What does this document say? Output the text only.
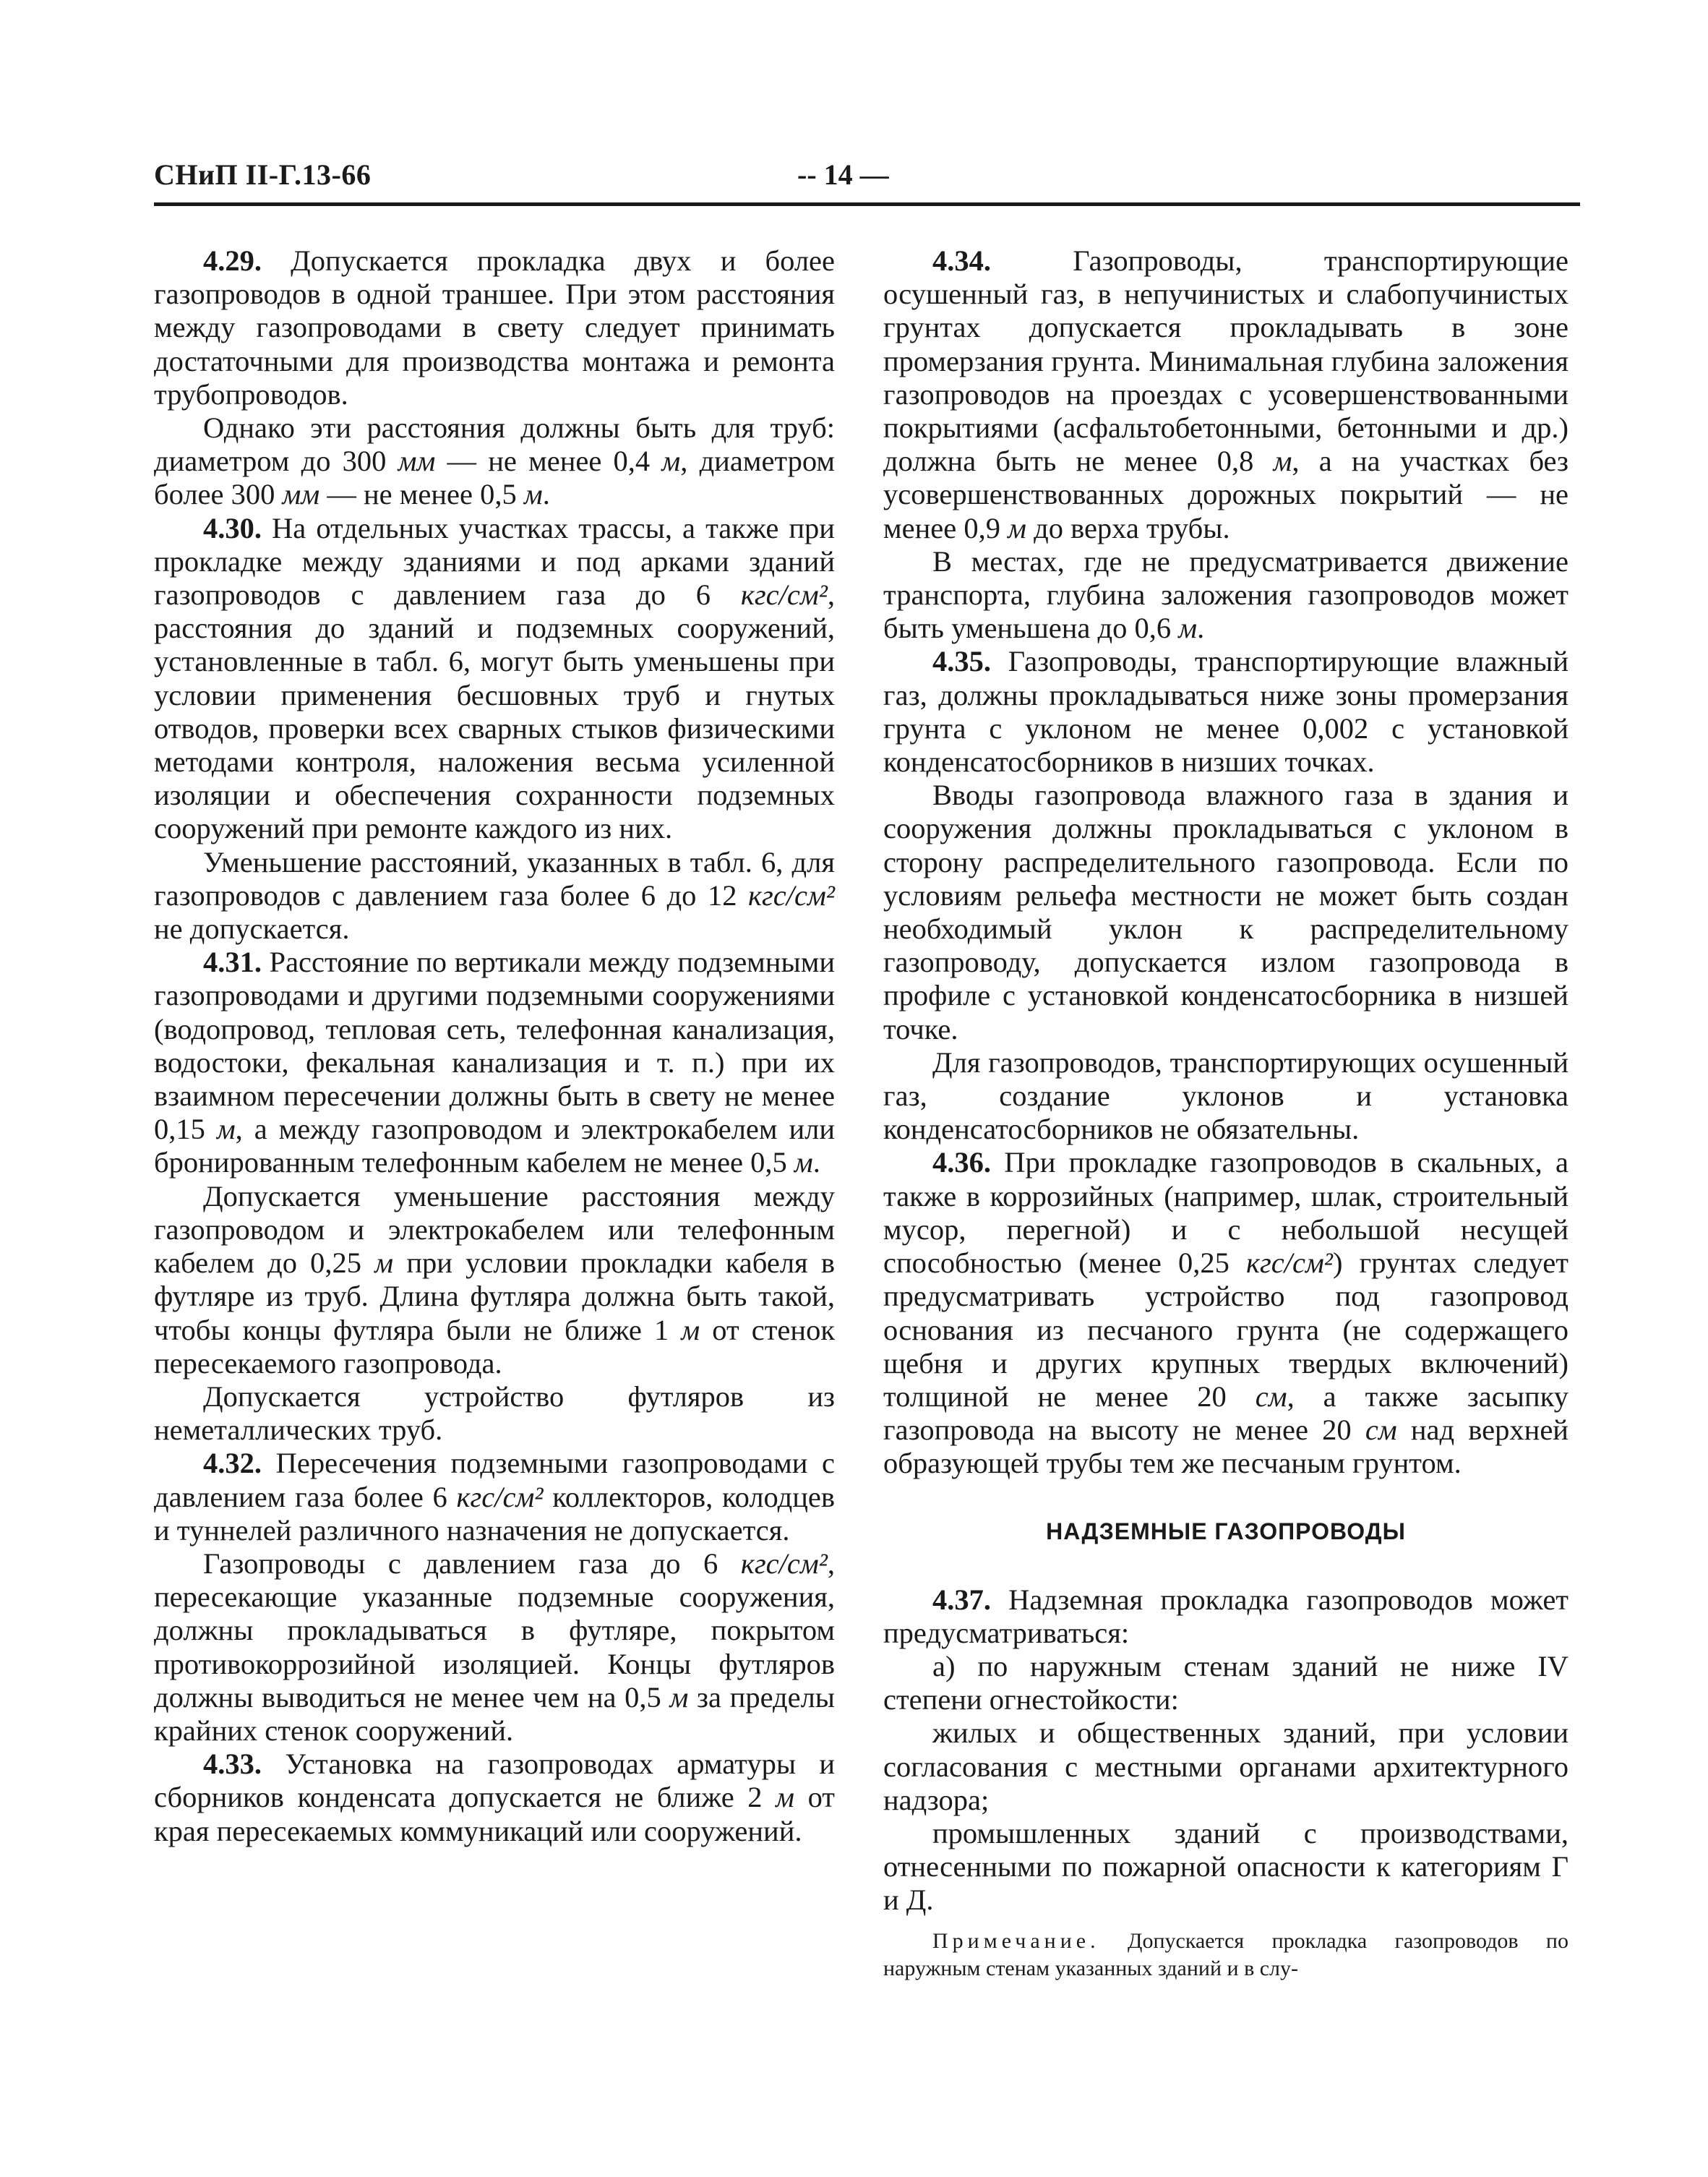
СНиП II-Г.13-66	-- 14 —

4.29. Допускается прокладка двух и более газопроводов в одной траншее. При этом расстояния между газопроводами в свету следует принимать достаточными для производства монтажа и ремонта трубопроводов.

Однако эти расстояния должны быть для труб: диаметром до 300 мм — не менее 0,4 м, диаметром более 300 мм — не менее 0,5 м.

4.30. На отдельных участках трассы, а также при прокладке между зданиями и под арками зданий газопроводов с давлением газа до 6 кгс/см², расстояния до зданий и подземных сооружений, установленные в табл. 6, могут быть уменьшены при условии применения бесшовных труб и гнутых отводов, проверки всех сварных стыков физическими методами контроля, наложения весьма усиленной изоляции и обеспечения сохранности подземных сооружений при ремонте каждого из них.

Уменьшение расстояний, указанных в табл. 6, для газопроводов с давлением газа более 6 до 12 кгс/см² не допускается.

4.31. Расстояние по вертикали между подземными газопроводами и другими подземными сооружениями (водопровод, тепловая сеть, телефонная канализация, водостоки, фекальная канализация и т. п.) при их взаимном пересечении должны быть в свету не менее 0,15 м, а между газопроводом и электрокабелем или бронированным телефонным кабелем не менее 0,5 м.

Допускается уменьшение расстояния между газопроводом и электрокабелем или телефонным кабелем до 0,25 м при условии прокладки кабеля в футляре из труб. Длина футляра должна быть такой, чтобы концы футляра были не ближе 1 м от стенок пересекаемого газопровода.

Допускается устройство футляров из неметаллических труб.

4.32. Пересечения подземными газопроводами с давлением газа более 6 кгс/см² коллекторов, колодцев и туннелей различного назначения не допускается.

Газопроводы с давлением газа до 6 кгс/см², пересекающие указанные подземные сооружения, должны прокладываться в футляре, покрытом противокоррозийной изоляцией. Концы футляров должны выводиться не менее чем на 0,5 м за пределы крайних стенок сооружений.

4.33. Установка на газопроводах арматуры и сборников конденсата допускается не ближе 2 м от края пересекаемых коммуникаций или сооружений.

4.34. Газопроводы, транспортирующие осушенный газ, в непучинистых и слабопучинистых грунтах допускается прокладывать в зоне промерзания грунта. Минимальная глубина заложения газопроводов на проездах с усовершенствованными покрытиями (асфальтобетонными, бетонными и др.) должна быть не менее 0,8 м, а на участках без усовершенствованных дорожных покрытий — не менее 0,9 м до верха трубы.

В местах, где не предусматривается движение транспорта, глубина заложения газопроводов может быть уменьшена до 0,6 м.

4.35. Газопроводы, транспортирующие влажный газ, должны прокладываться ниже зоны промерзания грунта с уклоном не менее 0,002 с установкой конденсатосборников в низших точках.

Вводы газопровода влажного газа в здания и сооружения должны прокладываться с уклоном в сторону распределительного газопровода. Если по условиям рельефа местности не может быть создан необходимый уклон к распределительному газопроводу, допускается излом газопровода в профиле с установкой конденсатосборника в низшей точке.

Для газопроводов, транспортирующих осушенный газ, создание уклонов и установка конденсатосборников не обязательны.

4.36. При прокладке газопроводов в скальных, а также в коррозийных (например, шлак, строительный мусор, перегной) и с небольшой несущей способностью (менее 0,25 кгс/см²) грунтах следует предусматривать устройство под газопровод основания из песчаного грунта (не содержащего щебня и других крупных твердых включений) толщиной не менее 20 см, а также засыпку газопровода на высоту не менее 20 см над верхней образующей трубы тем же песчаным грунтом.

НАДЗЕМНЫЕ ГАЗОПРОВОДЫ

4.37. Надземная прокладка газопроводов может предусматриваться:

а) по наружным стенам зданий не ниже IV степени огнестойкости:

жилых и общественных зданий, при условии согласования с местными органами архитектурного надзора;

промышленных зданий с производствами, отнесенными по пожарной опасности к категориям Г и Д.

Примечание. Допускается прокладка газопроводов по наружным стенам указанных зданий и в слу-
